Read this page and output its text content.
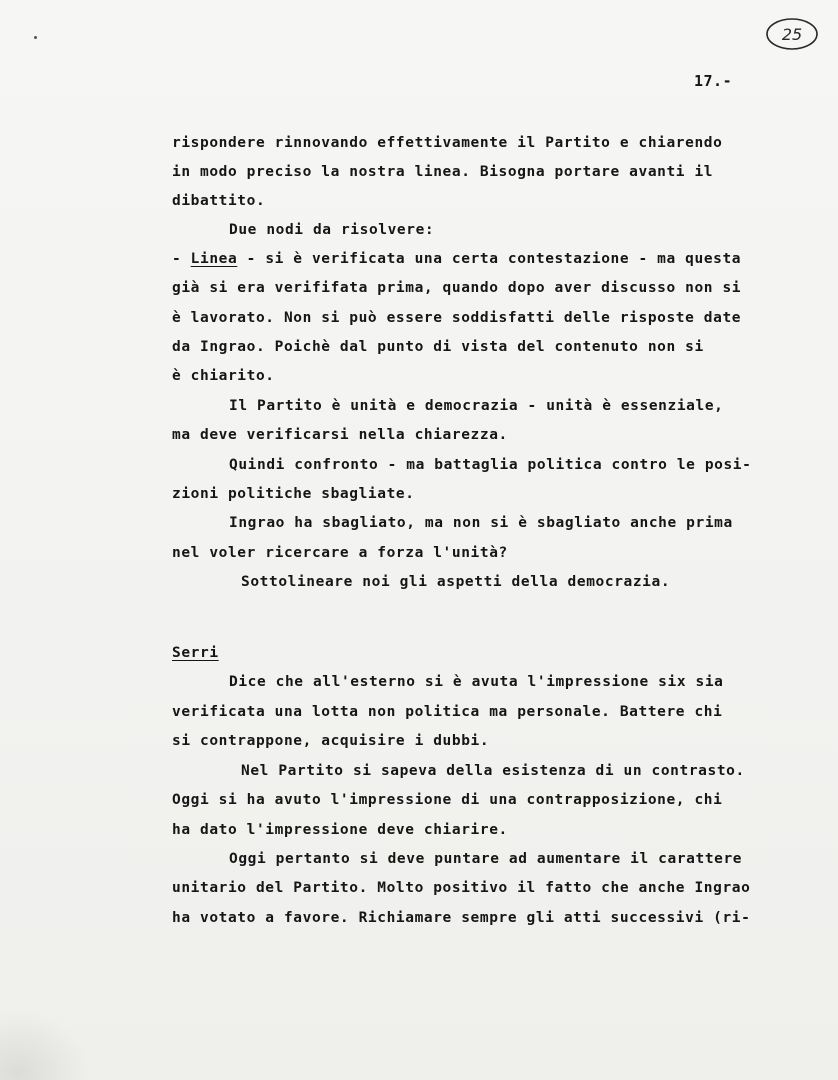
25
17.-
rispondere rinnovando effettivamente il Partito e chiarendo
in modo preciso la nostra linea. Bisogna portare avanti il
dibattito.
Due nodi da risolvere:
- Linea - si è verificata una certa contestazione - ma questa
già si era verififata prima, quando dopo aver discusso non si
è lavorato. Non si può essere soddisfatti delle risposte date
da Ingrao. Poichè dal punto di vista del contenuto non si
è chiarito.
Il Partito è unità e democrazia - unità è essenziale,
ma deve verificarsi nella chiarezza.
Quindi confronto - ma battaglia politica contro le posi-
zioni politiche sbagliate.
Ingrao ha sbagliato, ma non si è sbagliato anche prima
nel voler ricercare a forza l'unità?
Sottolineare noi gli aspetti della democrazia.
Serri
Dice che all'esterno si è avuta l'impressione six sia
verificata una lotta non politica ma personale. Battere chi
si contrappone, acquisire i dubbi.
Nel Partito si sapeva della esistenza di un contrasto.
Oggi si ha avuto l'impressione di una contrapposizione, chi
ha dato l'impressione deve chiarire.
Oggi pertanto si deve puntare ad aumentare il carattere
unitario del Partito. Molto positivo il fatto che anche Ingrao
ha votato a favore. Richiamare sempre gli atti successivi (ri-
